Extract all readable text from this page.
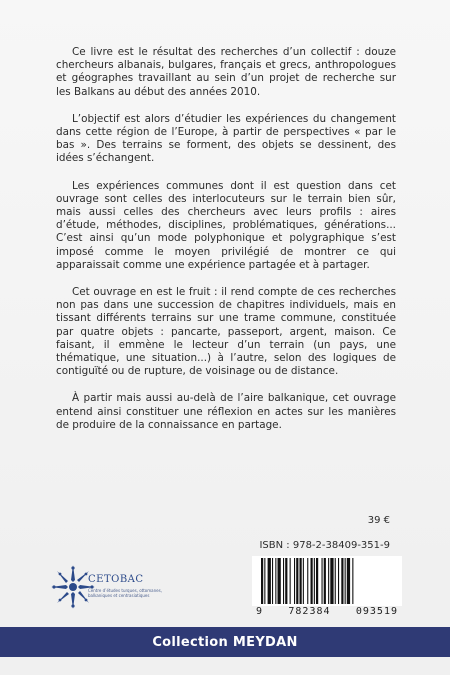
Ce livre est le résultat des recherches d’un collectif : douze chercheurs albanais, bulgares, français et grecs, anthropologues et géographes travaillant au sein d’un projet de recherche sur les Balkans au début des années 2010.

L’objectif est alors d’étudier les expériences du changement dans cette région de l’Europe, à partir de perspectives « par le bas ». Des terrains se forment, des objets se dessinent, des idées s’échangent.

Les expériences communes dont il est question dans cet ouvrage sont celles des interlocuteurs sur le terrain bien sûr, mais aussi celles des chercheurs avec leurs profils : aires d’étude, méthodes, disciplines, problématiques, générations... C’est ainsi qu’un mode polyphonique et polygraphique s’est imposé comme le moyen privilégié de montrer ce qui apparaissait comme une expérience partagée et à partager.

Cet ouvrage en est le fruit : il rend compte de ces recherches non pas dans une succession de chapitres individuels, mais en tissant différents terrains sur une trame commune, constituée par quatre objets : pancarte, passeport, argent, maison. Ce faisant, il emmène le lecteur d’un terrain (un pays, une thématique, une situation...) à l’autre, selon des logiques de contiguïté ou de rupture, de voisinage ou de distance.

À partir mais aussi au-delà de l’aire balkanique, cet ouvrage entend ainsi constituer une réflexion en actes sur les manières de produire de la connaissance en partage.

39 €
ISBN : 978-2-38409-351-9
CETOBAC
Centre d’études turques, ottomanes, balkaniques et centrasiatiques
9	782384	093519
Collection MEYDAN
